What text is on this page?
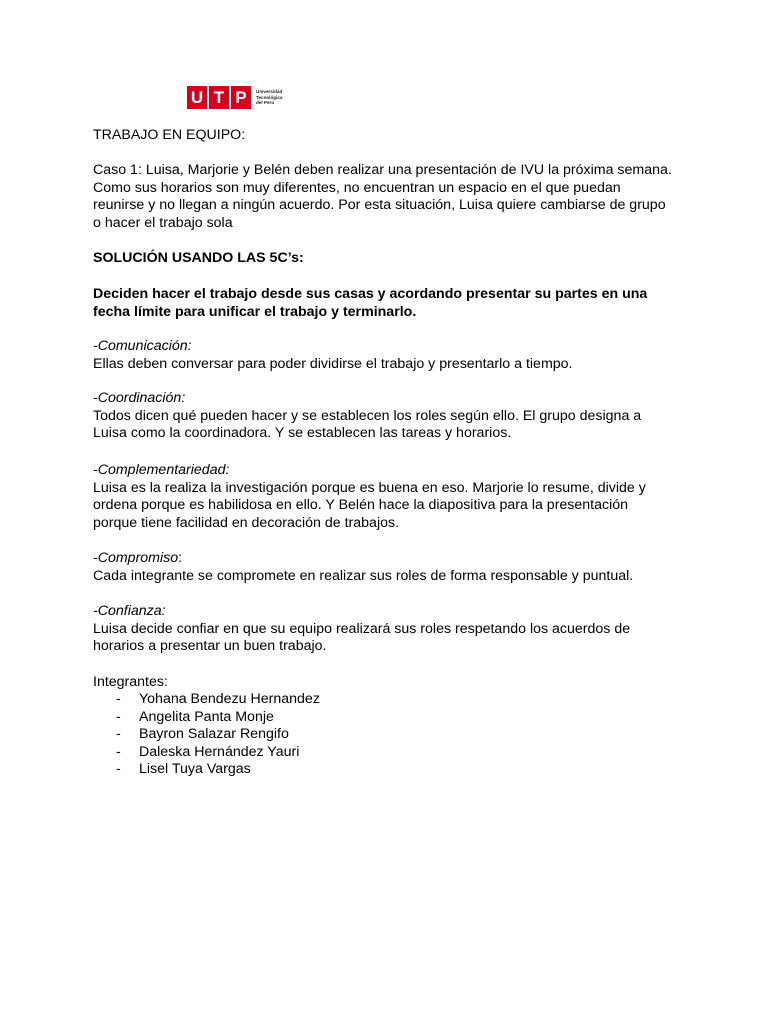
U T P	Universidad
Tecnológica
del Perú

TRABAJO EN EQUIPO:

Caso 1: Luisa, Marjorie y Belén deben realizar una presentación de IVU la próxima semana.

Como sus horarios son muy diferentes, no encuentran un espacio en el que puedan

reunirse y no llegan a ningún acuerdo. Por esta situación, Luisa quiere cambiarse de grupo

o hacer el trabajo sola

SOLUCIÓN USANDO LAS 5C’s:

Deciden hacer el trabajo desde sus casas y acordando presentar su partes en una

fecha límite para unificar el trabajo y terminarlo.

-Comunicación:

Ellas deben conversar para poder dividirse el trabajo y presentarlo a tiempo.

-Coordinación:

Todos dicen qué pueden hacer y se establecen los roles según ello. El grupo designa a

Luisa como la coordinadora. Y se establecen las tareas y horarios.

-Complementariedad:

Luisa es la realiza la investigación porque es buena en eso. Marjorie lo resume, divide y

ordena porque es habilidosa en ello. Y Belén hace la diapositiva para la presentación

porque tiene facilidad en decoración de trabajos.

-Compromiso:

Cada integrante se compromete en realizar sus roles de forma responsable y puntual.

-Confianza:

Luisa decide confiar en que su equipo realizará sus roles respetando los acuerdos de

horarios a presentar un buen trabajo.

Integrantes:

-	Yohana Bendezu Hernandez
-	Angelita Panta Monje
-	Bayron Salazar Rengifo
-	Daleska Hernández Yauri
-	Lisel Tuya Vargas
